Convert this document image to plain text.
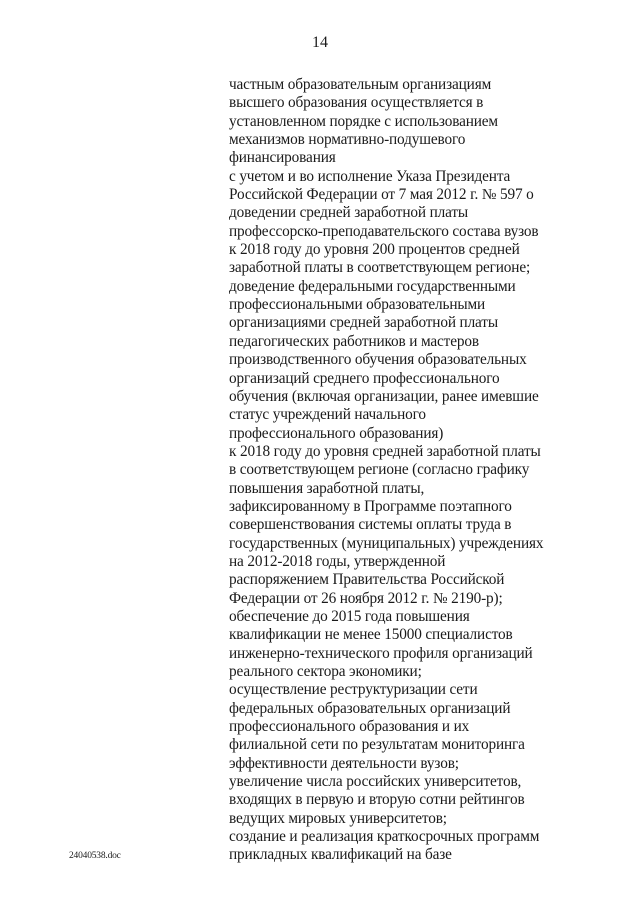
14
частным образовательным организациям
высшего образования осуществляется в
установленном порядке с использованием
механизмов нормативно-подушевого
финансирования
с учетом и во исполнение Указа Президента
Российской Федерации от 7 мая 2012 г. № 597 о
доведении средней заработной платы
профессорско-преподавательского состава вузов
к 2018 году до уровня 200 процентов средней
заработной платы в соответствующем регионе;
доведение федеральными государственными
профессиональными образовательными
организациями средней заработной платы
педагогических работников и мастеров
производственного обучения образовательных
организаций среднего профессионального
обучения (включая организации, ранее имевшие
статус учреждений начального
профессионального образования)
к 2018 году до уровня средней заработной платы
в соответствующем регионе (согласно графику
повышения заработной платы,
зафиксированному в Программе поэтапного
совершенствования системы оплаты труда в
государственных (муниципальных) учреждениях
на 2012-2018 годы, утвержденной
распоряжением Правительства Российской
Федерации от 26 ноября 2012 г. № 2190-р);
обеспечение до 2015 года повышения
квалификации не менее 15000 специалистов
инженерно-технического профиля организаций
реального сектора экономики;
осуществление реструктуризации сети
федеральных образовательных организаций
профессионального образования и их
филиальной сети по результатам мониторинга
эффективности деятельности вузов;
увеличение числа российских университетов,
входящих в первую и вторую сотни рейтингов
ведущих мировых университетов;
создание и реализация краткосрочных программ
прикладных квалификаций на базе
24040538.doc
